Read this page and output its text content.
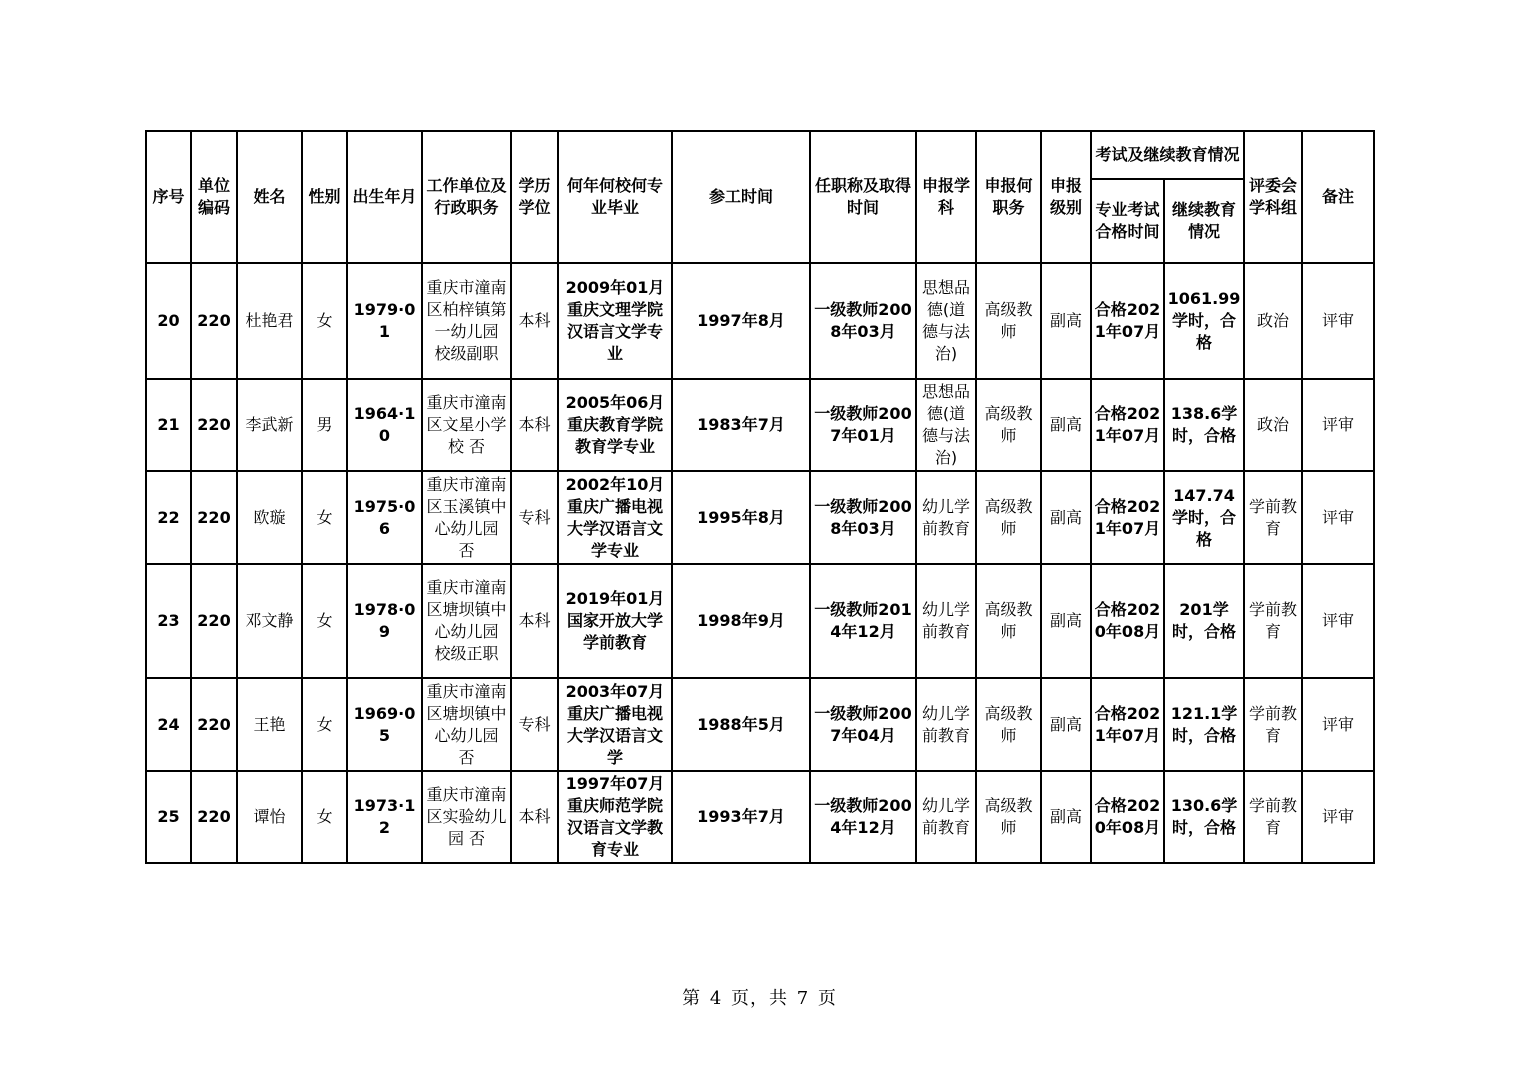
序号	单位编码	姓名	性别	出生年月	工作单位及行政职务	学历学位	何年何校何专业毕业	参工时间	任职称及取得时间	申报学科	申报何职务	申报级别	考试及继续教育情况		评委会学科组	备注
													专业考试合格时间	继续教育情况		
20	220	杜艳君	女	1979·01	重庆市潼南区柏梓镇第一幼儿园 校级副职	本科	2009年01月重庆文理学院汉语言文学专业	1997年8月	一级教师2008年03月	思想品德(道德与法治)	高级教师	副高	合格2021年07月	1061.99学时，合格	政治	评审
21	220	李武新	男	1964·10	重庆市潼南区文星小学校 否	本科	2005年06月重庆教育学院教育学专业	1983年7月	一级教师2007年01月	思想品德(道德与法治)	高级教师	副高	合格2021年07月	138.6学时，合格	政治	评审
22	220	欧璇	女	1975·06	重庆市潼南区玉溪镇中心幼儿园 否	专科	2002年10月重庆广播电视大学汉语言文学专业	1995年8月	一级教师2008年03月	幼儿学前教育	高级教师	副高	合格2021年07月	147.74学时，合格	学前教育	评审
23	220	邓文静	女	1978·09	重庆市潼南区塘坝镇中心幼儿园 校级正职	本科	2019年01月国家开放大学学前教育	1998年9月	一级教师2014年12月	幼儿学前教育	高级教师	副高	合格2020年08月	201学时，合格	学前教育	评审
24	220	王艳	女	1969·05	重庆市潼南区塘坝镇中心幼儿园 否	专科	2003年07月重庆广播电视大学汉语言文学	1988年5月	一级教师2007年04月	幼儿学前教育	高级教师	副高	合格2021年07月	121.1学时，合格	学前教育	评审
25	220	谭怡	女	1973·12	重庆市潼南区实验幼儿园 否	本科	1997年07月重庆师范学院汉语言文学教育专业	1993年7月	一级教师2004年12月	幼儿学前教育	高级教师	副高	合格2020年08月	130.6学时，合格	学前教育	评审
第 4 页，共 7 页
